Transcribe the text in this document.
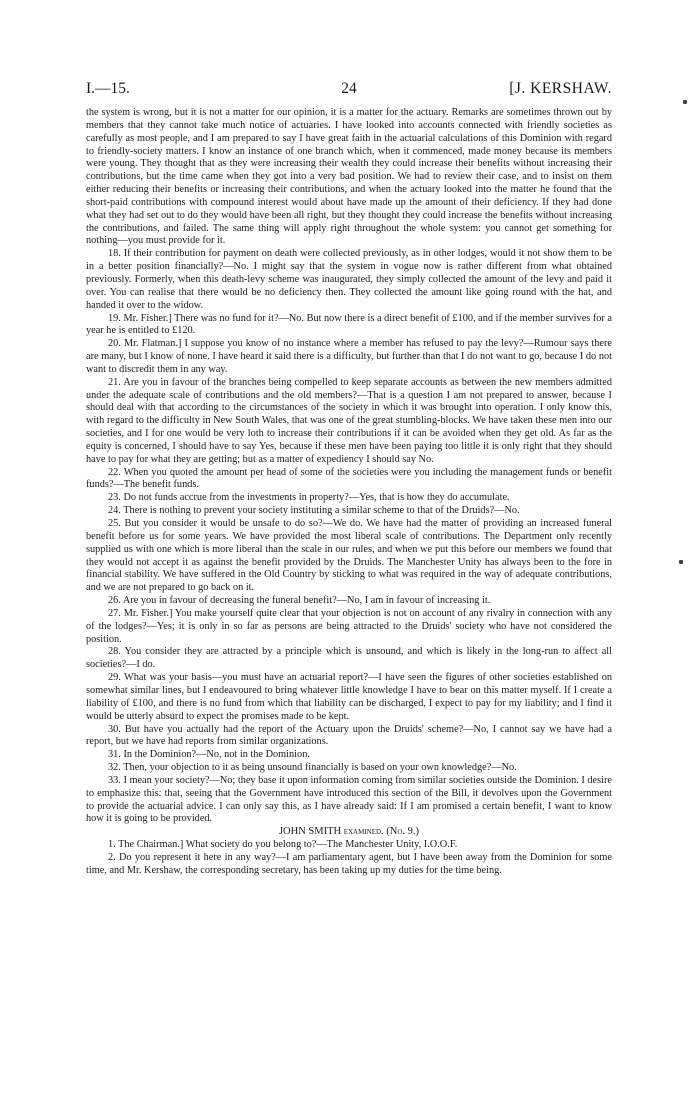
I.—15.	24	[J. KERSHAW.

the system is wrong, but it is not a matter for our opinion, it is a matter for the actuary. Remarks are sometimes thrown out by members that they cannot take much notice of actuaries. I have looked into accounts connected with friendly societies as carefully as most people, and I am prepared to say I have great faith in the actuarial calculations of this Dominion with regard to friendly-society matters. I know an instance of one branch which, when it commenced, made money because its members were young. They thought that as they were increasing their wealth they could increase their benefits without increasing their contributions, but the time came when they got into a very bad position. We had to review their case, and to insist on them either reducing their benefits or increasing their contributions, and when the actuary looked into the matter he found that the short-paid contributions with compound interest would about have made up the amount of their deficiency. If they had done what they had set out to do they would have been all right, but they thought they could increase the benefits without increasing the contributions, and failed. The same thing will apply right throughout the whole system: you cannot get something for nothing—you must provide for it.

18. If their contribution for payment on death were collected previously, as in other lodges, would it not show them to be in a better position financially?—No. I might say that the system in vogue now is rather different from what obtained previously. Formerly, when this death-levy scheme was inaugurated, they simply collected the amount of the levy and paid it over. You can realise that there would be no deficiency then. They collected the amount like going round with the hat, and handed it over to the widow.

19. Mr. Fisher.] There was no fund for it?—No. But now there is a direct benefit of £100, and if the member survives for a year he is entitled to £120.

20. Mr. Flatman.] I suppose you know of no instance where a member has refused to pay the levy?—Rumour says there are many, but I know of none. I have heard it said there is a difficulty, but further than that I do not want to go, because I do not want to discredit them in any way.

21. Are you in favour of the branches being compelled to keep separate accounts as between the new members admitted under the adequate scale of contributions and the old members?—That is a question I am not prepared to answer, because I should deal with that according to the circumstances of the society in which it was brought into operation. I only know this, with regard to the difficulty in New South Wales, that was one of the great stumbling-blocks. We have taken these men into our societies, and I for one would be very loth to increase their contributions if it can be avoided when they get old. As far as the equity is concerned, I should have to say Yes, because if these men have been paying too little it is only right that they should have to pay for what they are getting; but as a matter of expediency I should say No.

22. When you quoted the amount per head of some of the societies were you including the management funds or benefit funds?—The benefit funds.

23. Do not funds accrue from the investments in property?—Yes, that is how they do accumulate.

24. There is nothing to prevent your society instituting a similar scheme to that of the Druids?—No.

25. But you consider it would be unsafe to do so?—We do. We have had the matter of providing an increased funeral benefit before us for some years. We have provided the most liberal scale of contributions. The Department only recently supplied us with one which is more liberal than the scale in our rules, and when we put this before our members we found that they would not accept it as against the benefit provided by the Druids. The Manchester Unity has always been to the fore in financial stability. We have suffered in the Old Country by sticking to what was required in the way of adequate contributions, and we are not prepared to go back on it.

26. Are you in favour of decreasing the funeral benefit?—No, I am in favour of increasing it.

27. Mr. Fisher.] You make yourself quite clear that your objection is not on account of any rivalry in connection with any of the lodges?—Yes; it is only in so far as persons are being attracted to the Druids' society who have not considered the position.

28. You consider they are attracted by a principle which is unsound, and which is likely in the long-run to affect all societies?—I do.

29. What was your basis—you must have an actuarial report?—I have seen the figures of other societies established on somewhat similar lines, but I endeavoured to bring whatever little knowledge I have to bear on this matter myself. If I create a liability of £100, and there is no fund from which that liability can be discharged, I expect to pay for my liability; and I find it would be utterly absurd to expect the promises made to be kept.

30. But have you actually had the report of the Actuary upon the Druids' scheme?—No, I cannot say we have had a report, but we have had reports from similar organizations.

31. In the Dominion?—No, not in the Dominion.

32. Then, your objection to it as being unsound financially is based on your own knowledge?—No.

33. I mean your society?—No; they base it upon information coming from similar societies outside the Dominion. I desire to emphasize this: that, seeing that the Government have introduced this section of the Bill, it devolves upon the Government to provide the actuarial advice. I can only say this, as I have already said: If I am promised a certain benefit, I want to know how it is going to be provided.

JOHN SMITH examined. (No. 9.)

1. The Chairman.] What society do you belong to?—The Manchester Unity, I.O.O.F.

2. Do you represent it here in any way?—I am parliamentary agent, but I have been away from the Dominion for some time, and Mr. Kershaw, the corresponding secretary, has been taking up my duties for the time being.
